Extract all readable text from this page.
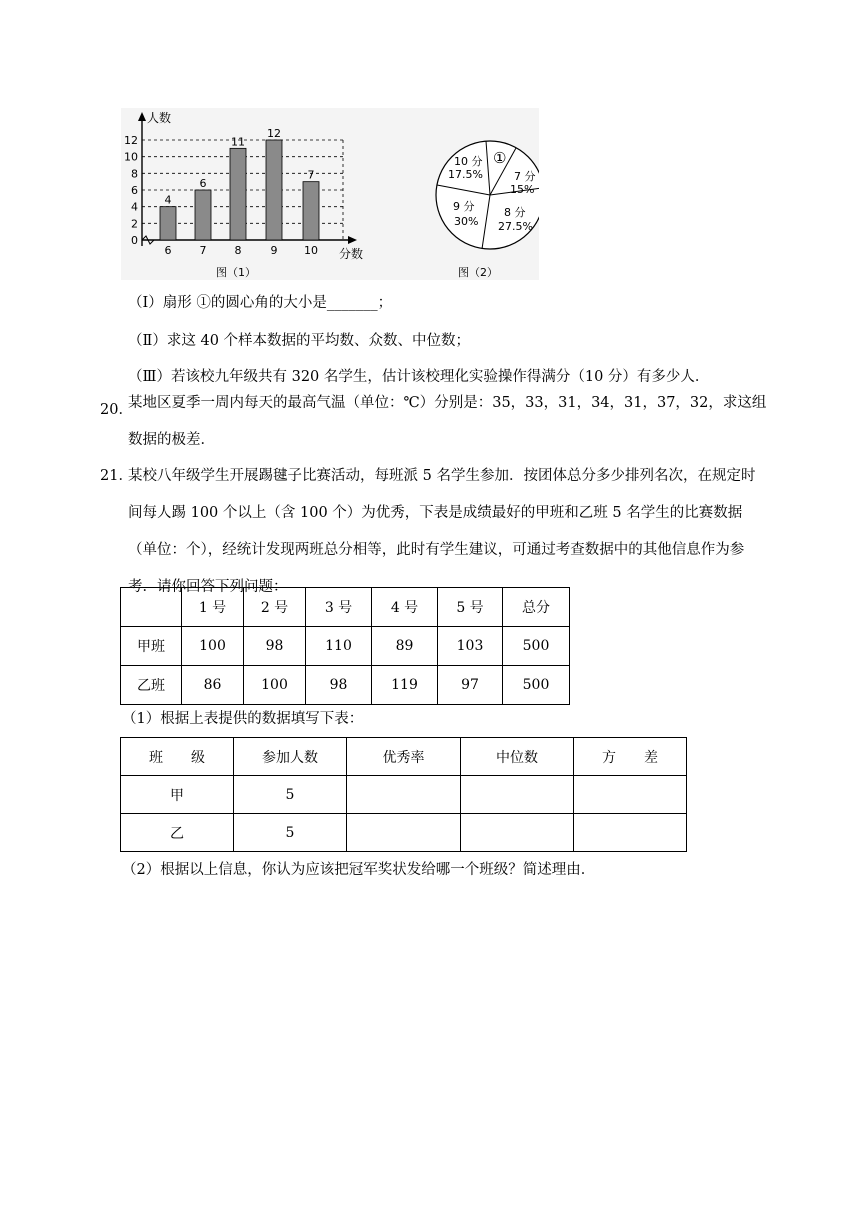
人数
分数
0
2
4
6
8
10
12
4
6
6
7
11
8
12
9
7
10
图（1）
①
7 分
15%
8 分
27.5%
9 分
30%
10 分
17.5%
图（2）
（Ⅰ）扇形 ①的圆心角的大小是_______；
（Ⅱ）求这 40 个样本数据的平均数、众数、中位数；
（Ⅲ）若该校九年级共有 320 名学生，估计该校理化实验操作得满分（10 分）有多少人．
20．
某地区夏季一周内每天的最高气温（单位：℃）分别是：35，33，31，34，31，37，32，求这组数据的极差．
21．
某校八年级学生开展踢毽子比赛活动，每班派 5 名学生参加．按团体总分多少排列名次，在规定时间每人踢 100 个以上（含 100 个）为优秀，下表是成绩最好的甲班和乙班 5 名学生的比赛数据（单位：个），经统计发现两班总分相等，此时有学生建议，可通过考查数据中的其他信息作为参考．请你回答下列问题：
	1 号	2 号	3 号	4 号	5 号	总分
甲班	100	98	110	89	103	500
乙班	86	100	98	119	97	500
（1）根据上表提供的数据填写下表：
班　　级	参加人数	优秀率	中位数	方　　差
甲	5			
乙	5			
（2）根据以上信息，你认为应该把冠军奖状发给哪一个班级？简述理由．
